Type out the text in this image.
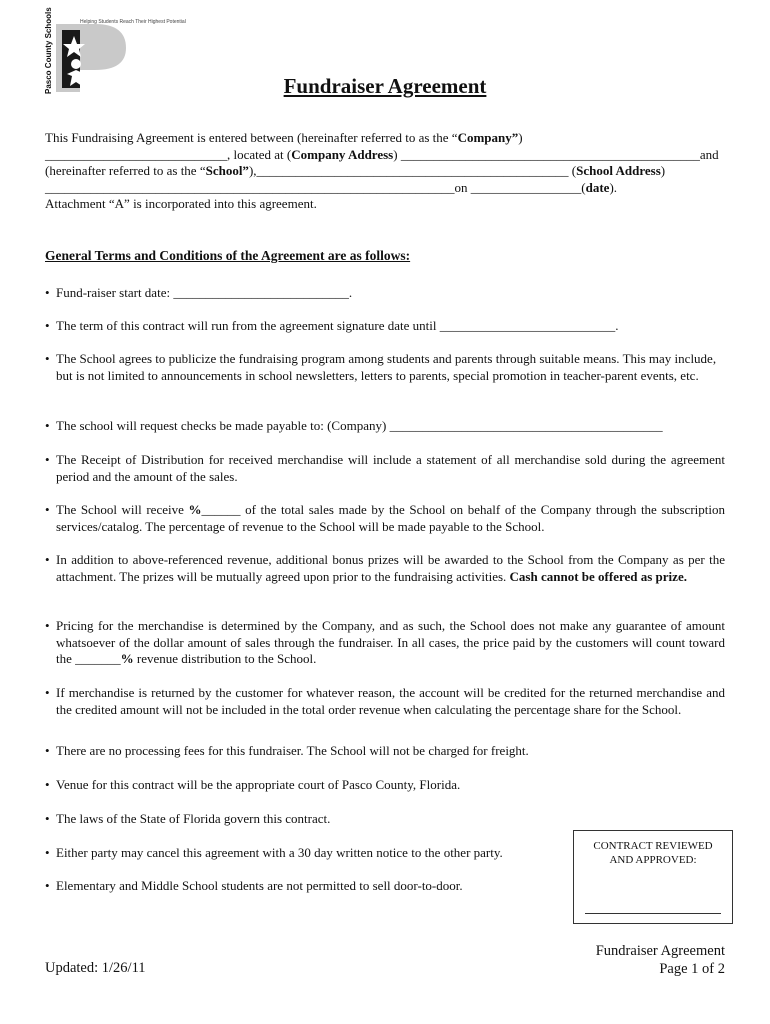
Pasco County Schools	Helping Students Reach Their Highest Potential
Fundraiser Agreement
This Fundraising Agreement is entered between (hereinafter referred to as the “Company”)
____________________________, located at (Company Address) ______________________________________________and
(hereinafter referred to as the “School”),________________________________________________ (School Address)
_______________________________________________________________on _________________(date).
Attachment “A” is incorporated into this agreement.
General Terms and Conditions of the Agreement are as follows:
• Fund-raiser start date: ___________________________.
• The term of this contract will run from the agreement signature date until ___________________________.
• The School agrees to publicize the fundraising program among students and parents through suitable means. This may include, but is not limited to announcements in school newsletters, letters to parents, special promotion in teacher-parent events, etc.
• The school will request checks be made payable to: (Company) __________________________________________
• The Receipt of Distribution for received merchandise will include a statement of all merchandise sold during the agreement period and the amount of the sales.
• The School will receive %______ of the total sales made by the School on behalf of the Company through the subscription services/catalog. The percentage of revenue to the School will be made payable to the School.
• In addition to above-referenced revenue, additional bonus prizes will be awarded to the School from the Company as per the attachment. The prizes will be mutually agreed upon prior to the fundraising activities. Cash cannot be offered as prize.
• Pricing for the merchandise is determined by the Company, and as such, the School does not make any guarantee of amount whatsoever of the dollar amount of sales through the fundraiser. In all cases, the price paid by the customers will count toward the _______% revenue distribution to the School.
• If merchandise is returned by the customer for whatever reason, the account will be credited for the returned merchandise and the credited amount will not be included in the total order revenue when calculating the percentage share for the School.
• There are no processing fees for this fundraiser. The School will not be charged for freight.
• Venue for this contract will be the appropriate court of Pasco County, Florida.
• The laws of the State of Florida govern this contract.
• Either party may cancel this agreement with a 30 day written notice to the other party.
• Elementary and Middle School students are not permitted to sell door-to-door.
CONTRACT REVIEWED
AND APPROVED:
Fundraiser Agreement
Page 1 of 2
Updated: 1/26/11
